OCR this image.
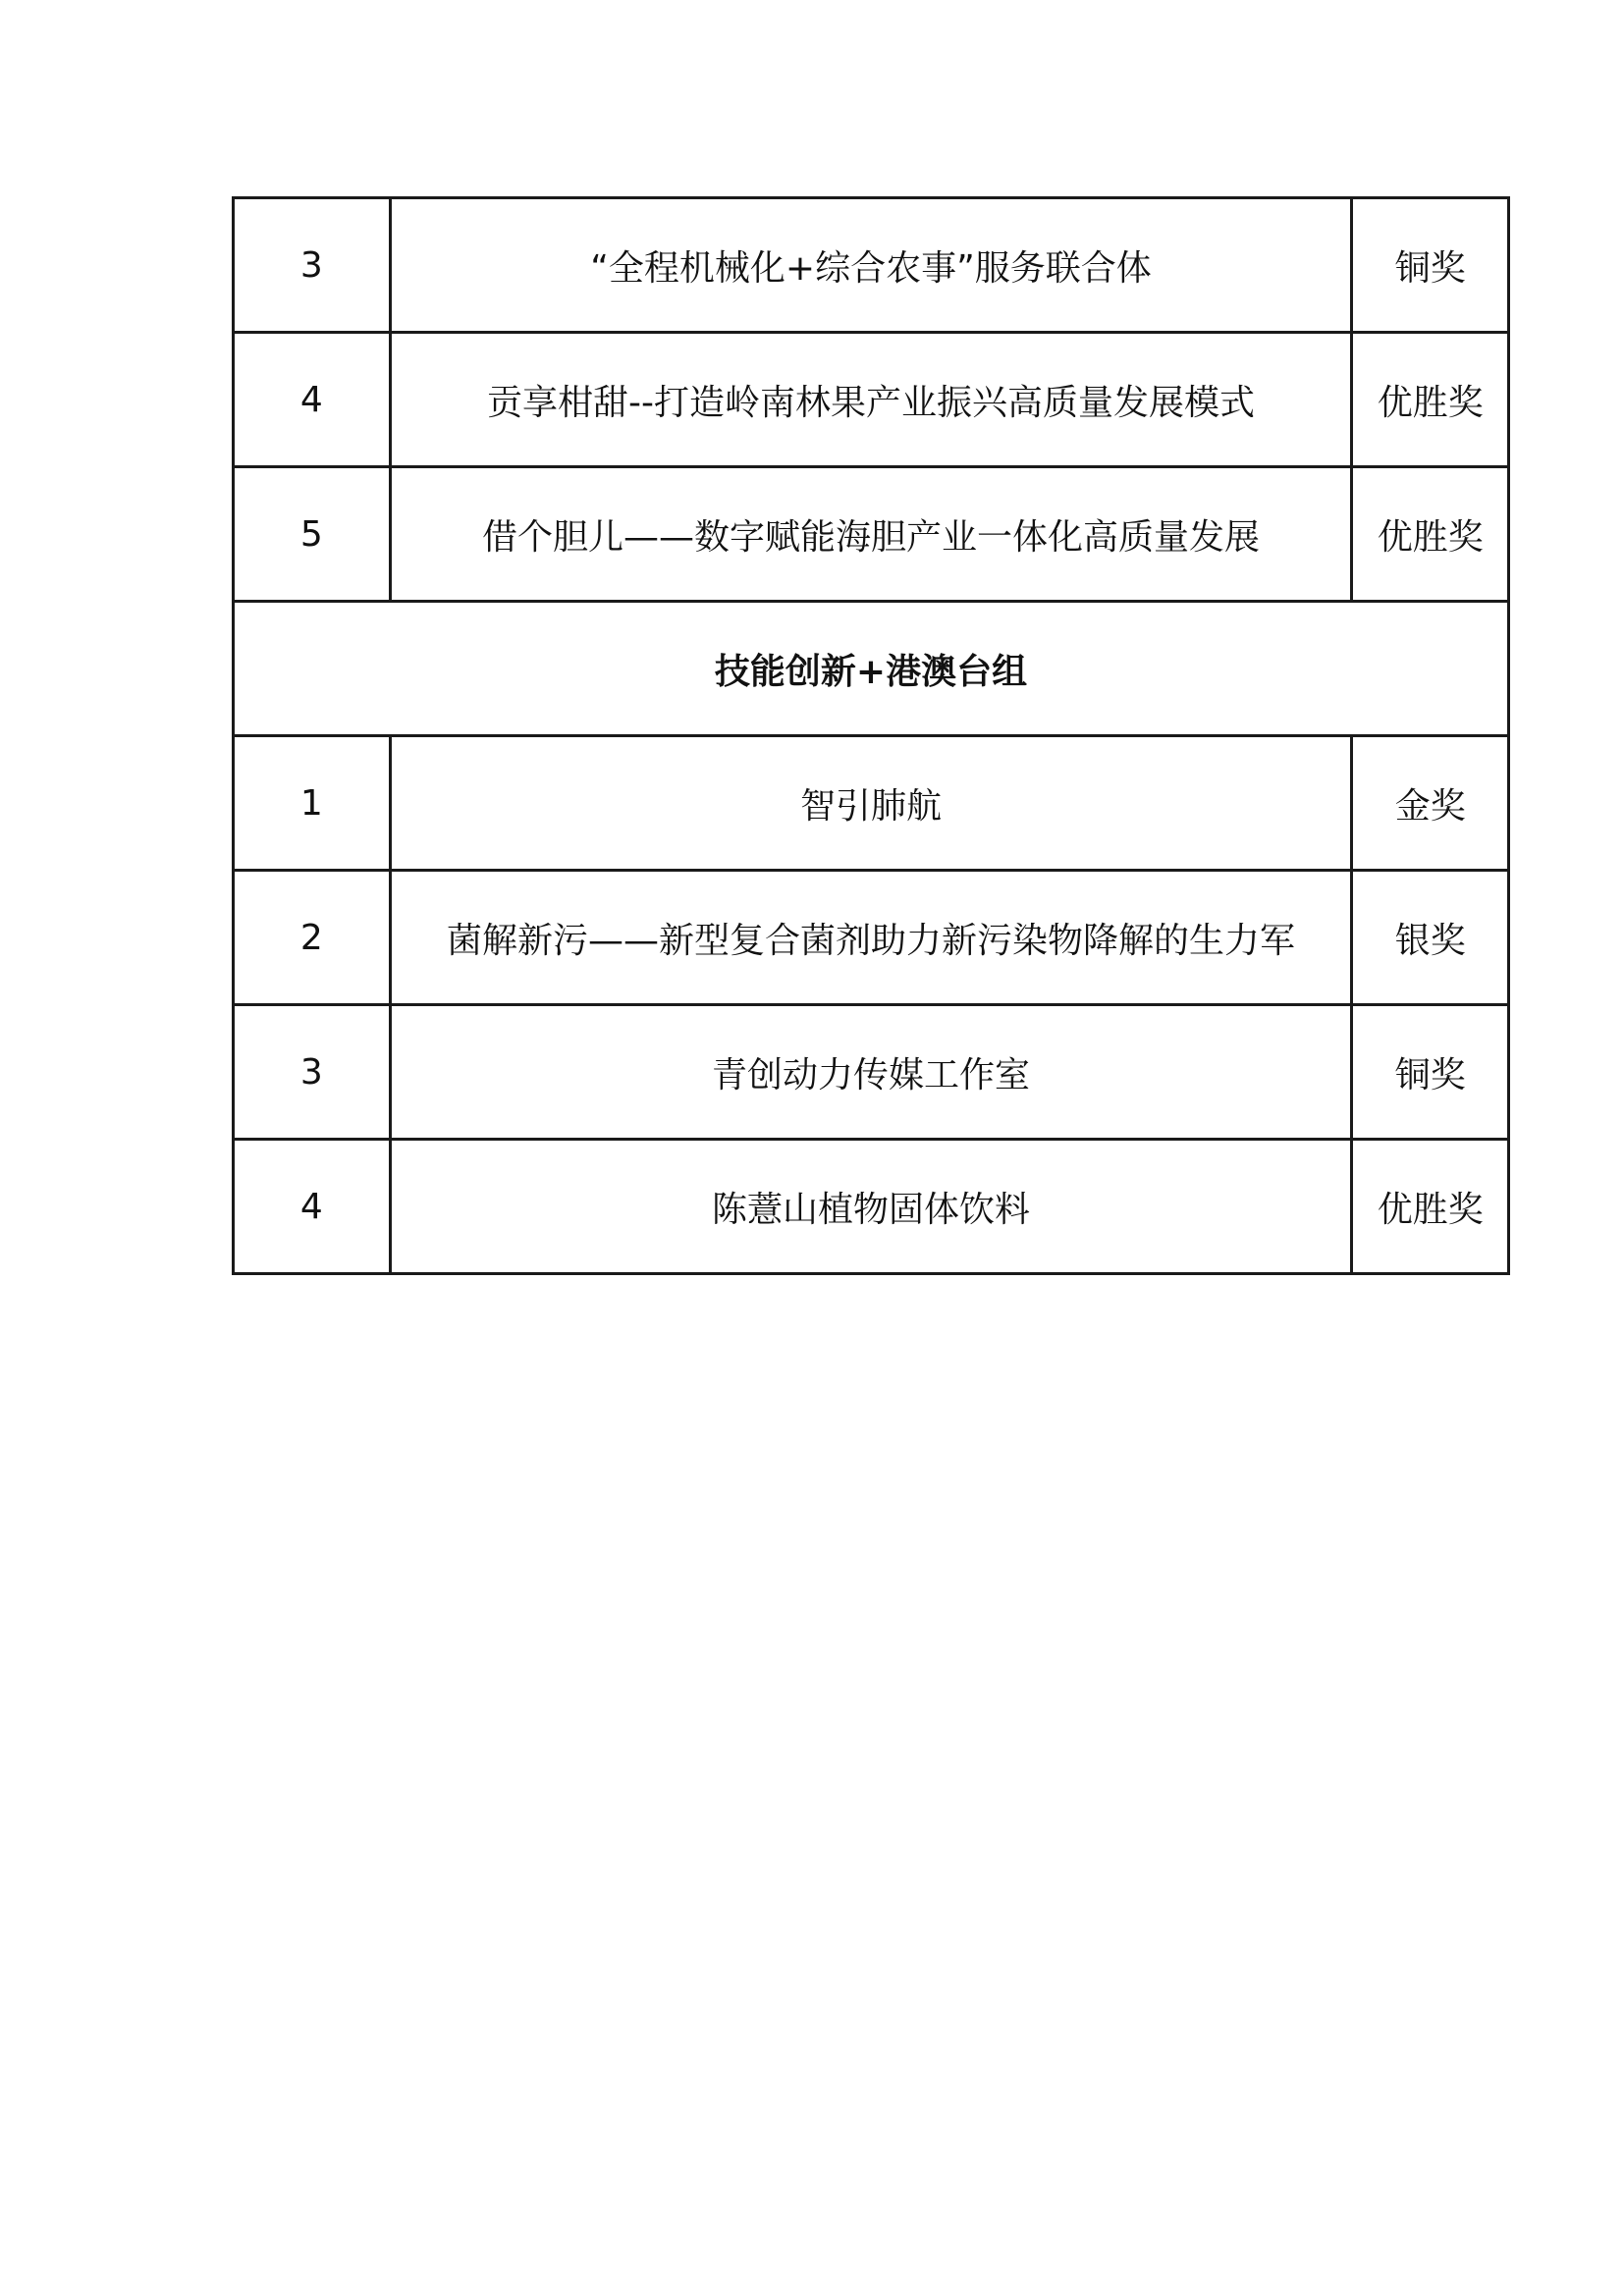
3	“全程机械化+综合农事”服务联合体	铜奖
4	贡享柑甜--打造岭南林果产业振兴高质量发展模式	优胜奖
5	借个胆儿——数字赋能海胆产业一体化高质量发展	优胜奖
技能创新+港澳台组		
1	智引肺航	金奖
2	菌解新污——新型复合菌剂助力新污染物降解的生力军	银奖
3	青创动力传媒工作室	铜奖
4	陈薏山植物固体饮料	优胜奖
